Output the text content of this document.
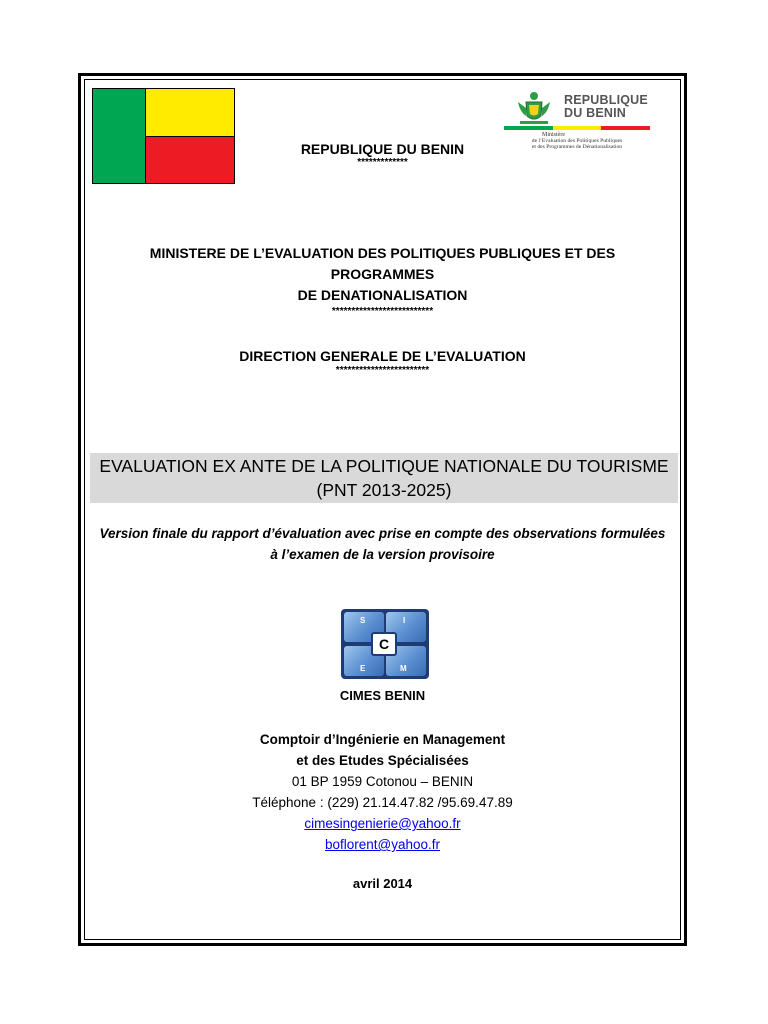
REPUBLIQUE
DU BENIN
Ministère
de l’Evaluation des Politiques Publiques
et des Programmes de Dénationalisation
REPUBLIQUE DU BENIN
*************
MINISTERE DE L’EVALUATION DES POLITIQUES PUBLIQUES ET DES PROGRAMMES
DE DENATIONALISATION
**************************
DIRECTION GENERALE DE L’EVALUATION
************************
EVALUATION EX ANTE DE LA POLITIQUE NATIONALE DU TOURISME
(PNT 2013-2025)
Version finale du rapport d’évaluation avec prise en compte des observations formulées
à l’examen de la version provisoire
S	I
E	M
C
CIMES BENIN
Comptoir d’Ingénierie en Management
et des Etudes Spécialisées
01 BP 1959 Cotonou – BENIN
Téléphone : (229) 21.14.47.82 /95.69.47.89
cimesingenierie@yahoo.fr
boflorent@yahoo.fr
avril 2014
